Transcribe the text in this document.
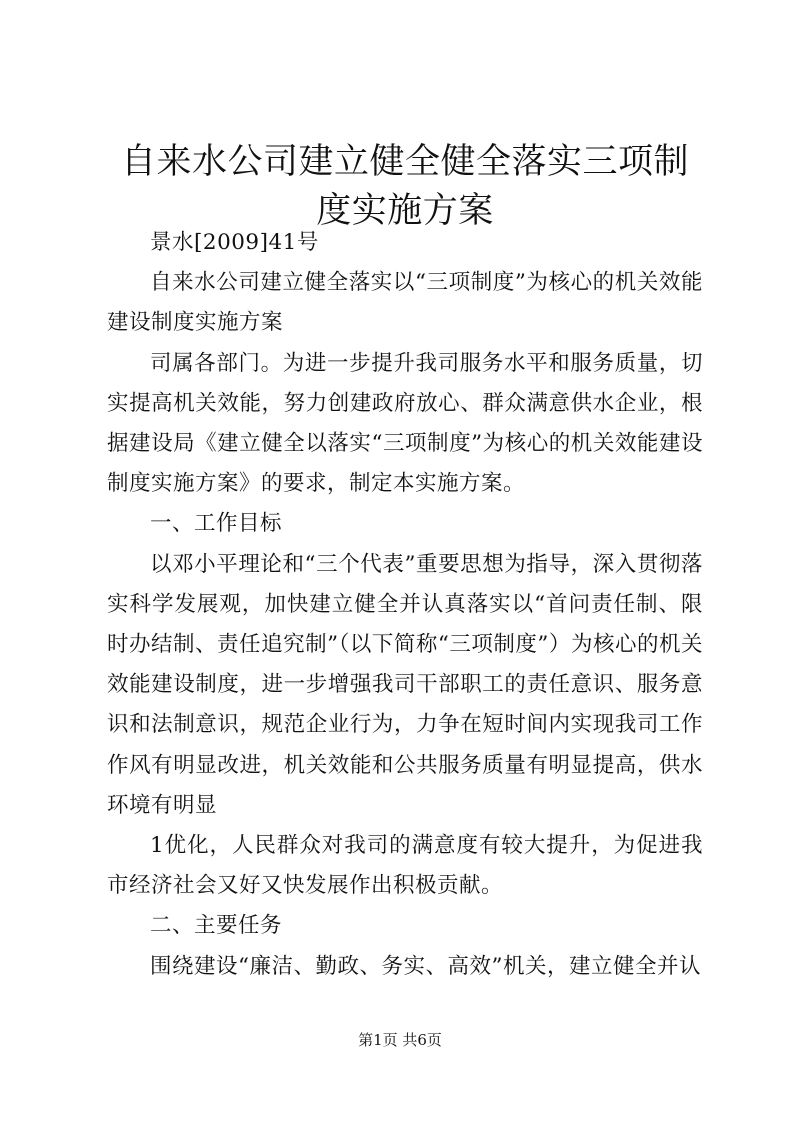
自来水公司建立健全健全落实三项制度实施方案

景水[2009]41号

自来水公司建立健全落实以“三项制度”为核心的机关效能建设制度实施方案

司属各部门。为进一步提升我司服务水平和服务质量，切实提高机关效能，努力创建政府放心、群众满意供水企业，根据建设局《建立健全以落实“三项制度”为核心的机关效能建设制度实施方案》的要求，制定本实施方案。

一、工作目标

以邓小平理论和“三个代表”重要思想为指导，深入贯彻落实科学发展观，加快建立健全并认真落实以“首问责任制、限时办结制、责任追究制”（以下简称“三项制度”）为核心的机关效能建设制度，进一步增强我司干部职工的责任意识、服务意识和法制意识，规范企业行为，力争在短时间内实现我司工作作风有明显改进，机关效能和公共服务质量有明显提高，供水环境有明显

1优化，人民群众对我司的满意度有较大提升，为促进我市经济社会又好又快发展作出积极贡献。

二、主要任务

围绕建设“廉洁、勤政、务实、高效”机关，建立健全并认

第1页 共6页
